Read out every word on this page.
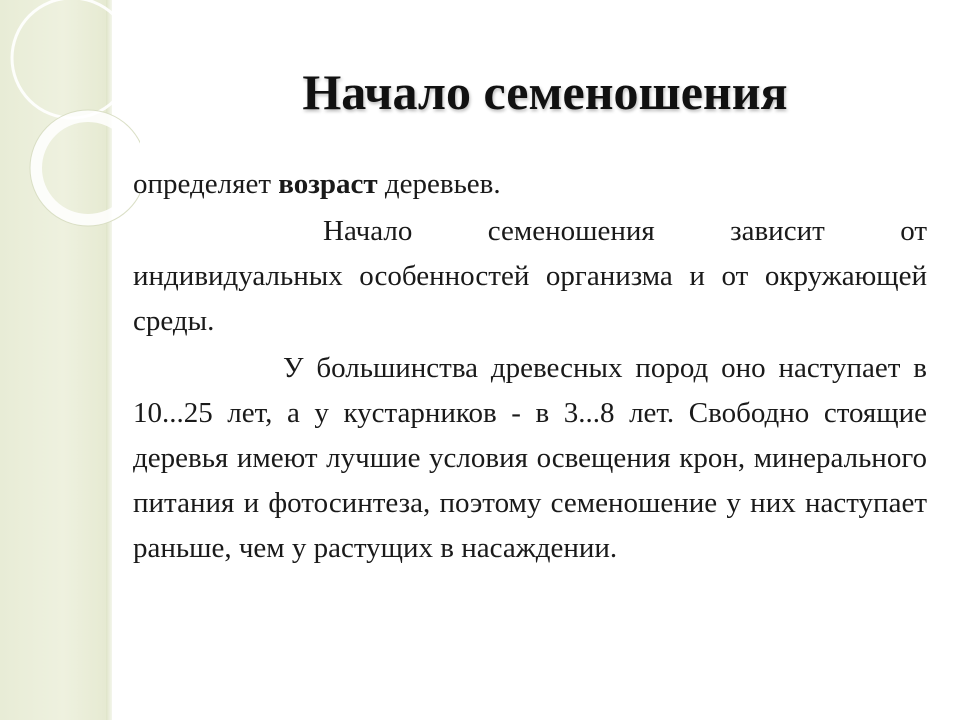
Начало семеношения

определяет возраст деревьев.

Начало семеношения зависит от индивидуальных особенностей организма и от окружающей среды.

У большинства древесных пород оно наступает в 10...25 лет, а у кустарников - в 3...8 лет. Свободно стоящие деревья имеют лучшие условия освещения крон, минерального питания и фотосинтеза, поэтому семеношение у них наступает раньше, чем у растущих в насаждении.
